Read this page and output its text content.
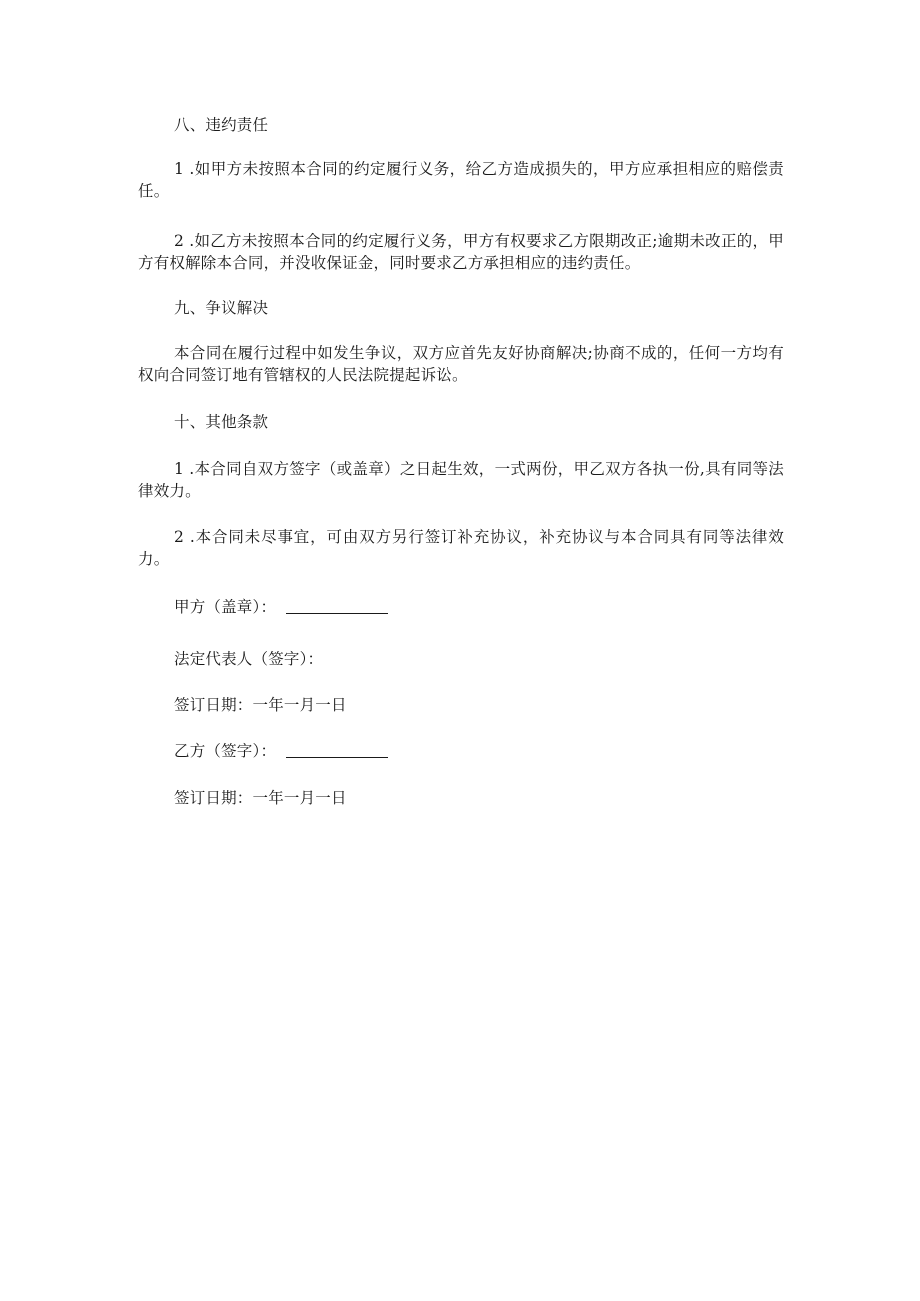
八、违约责任
1 .如甲方未按照本合同的约定履行义务，给乙方造成损失的，甲方应承担相应的赔偿责任。
2 .如乙方未按照本合同的约定履行义务，甲方有权要求乙方限期改正;逾期未改正的，甲方有权解除本合同，并没收保证金，同时要求乙方承担相应的违约责任。
九、争议解决
本合同在履行过程中如发生争议，双方应首先友好协商解决;协商不成的，任何一方均有权向合同签订地有管辖权的人民法院提起诉讼。
十、其他条款
1 .本合同自双方签字（或盖章）之日起生效，一式两份，甲乙双方各执一份,具有同等法律效力。
2 .本合同未尽事宜，可由双方另行签订补充协议，补充协议与本合同具有同等法律效力。
甲方（盖章）：
法定代表人（签字）：
签订日期：一年一月一日
乙方（签字）：
签订日期：一年一月一日
